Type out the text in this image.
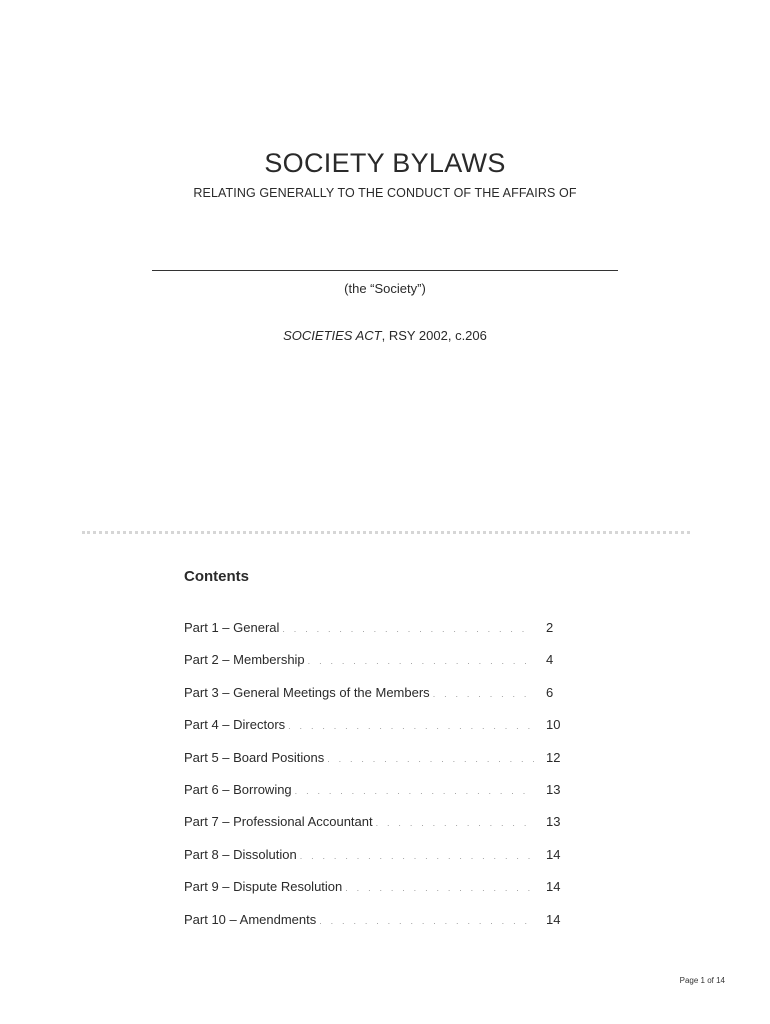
SOCIETY BYLAWS
RELATING GENERALLY TO THE CONDUCT OF THE AFFAIRS OF
(the “Society”)
SOCIETIES ACT, RSY 2002, c.206
Contents
Part 1 – General . . .	2
Part 2 – Membership . . .	4
Part 3 – General Meetings of the Members . . .	6
Part 4 – Directors . . .	10
Part 5 – Board Positions . . .	12
Part 6 – Borrowing . . .	13
Part 7 – Professional Accountant . . .	13
Part 8 – Dissolution . . .	14
Part 9 – Dispute Resolution . . .	14
Part 10 – Amendments . . .	14
Page 1 of 14
